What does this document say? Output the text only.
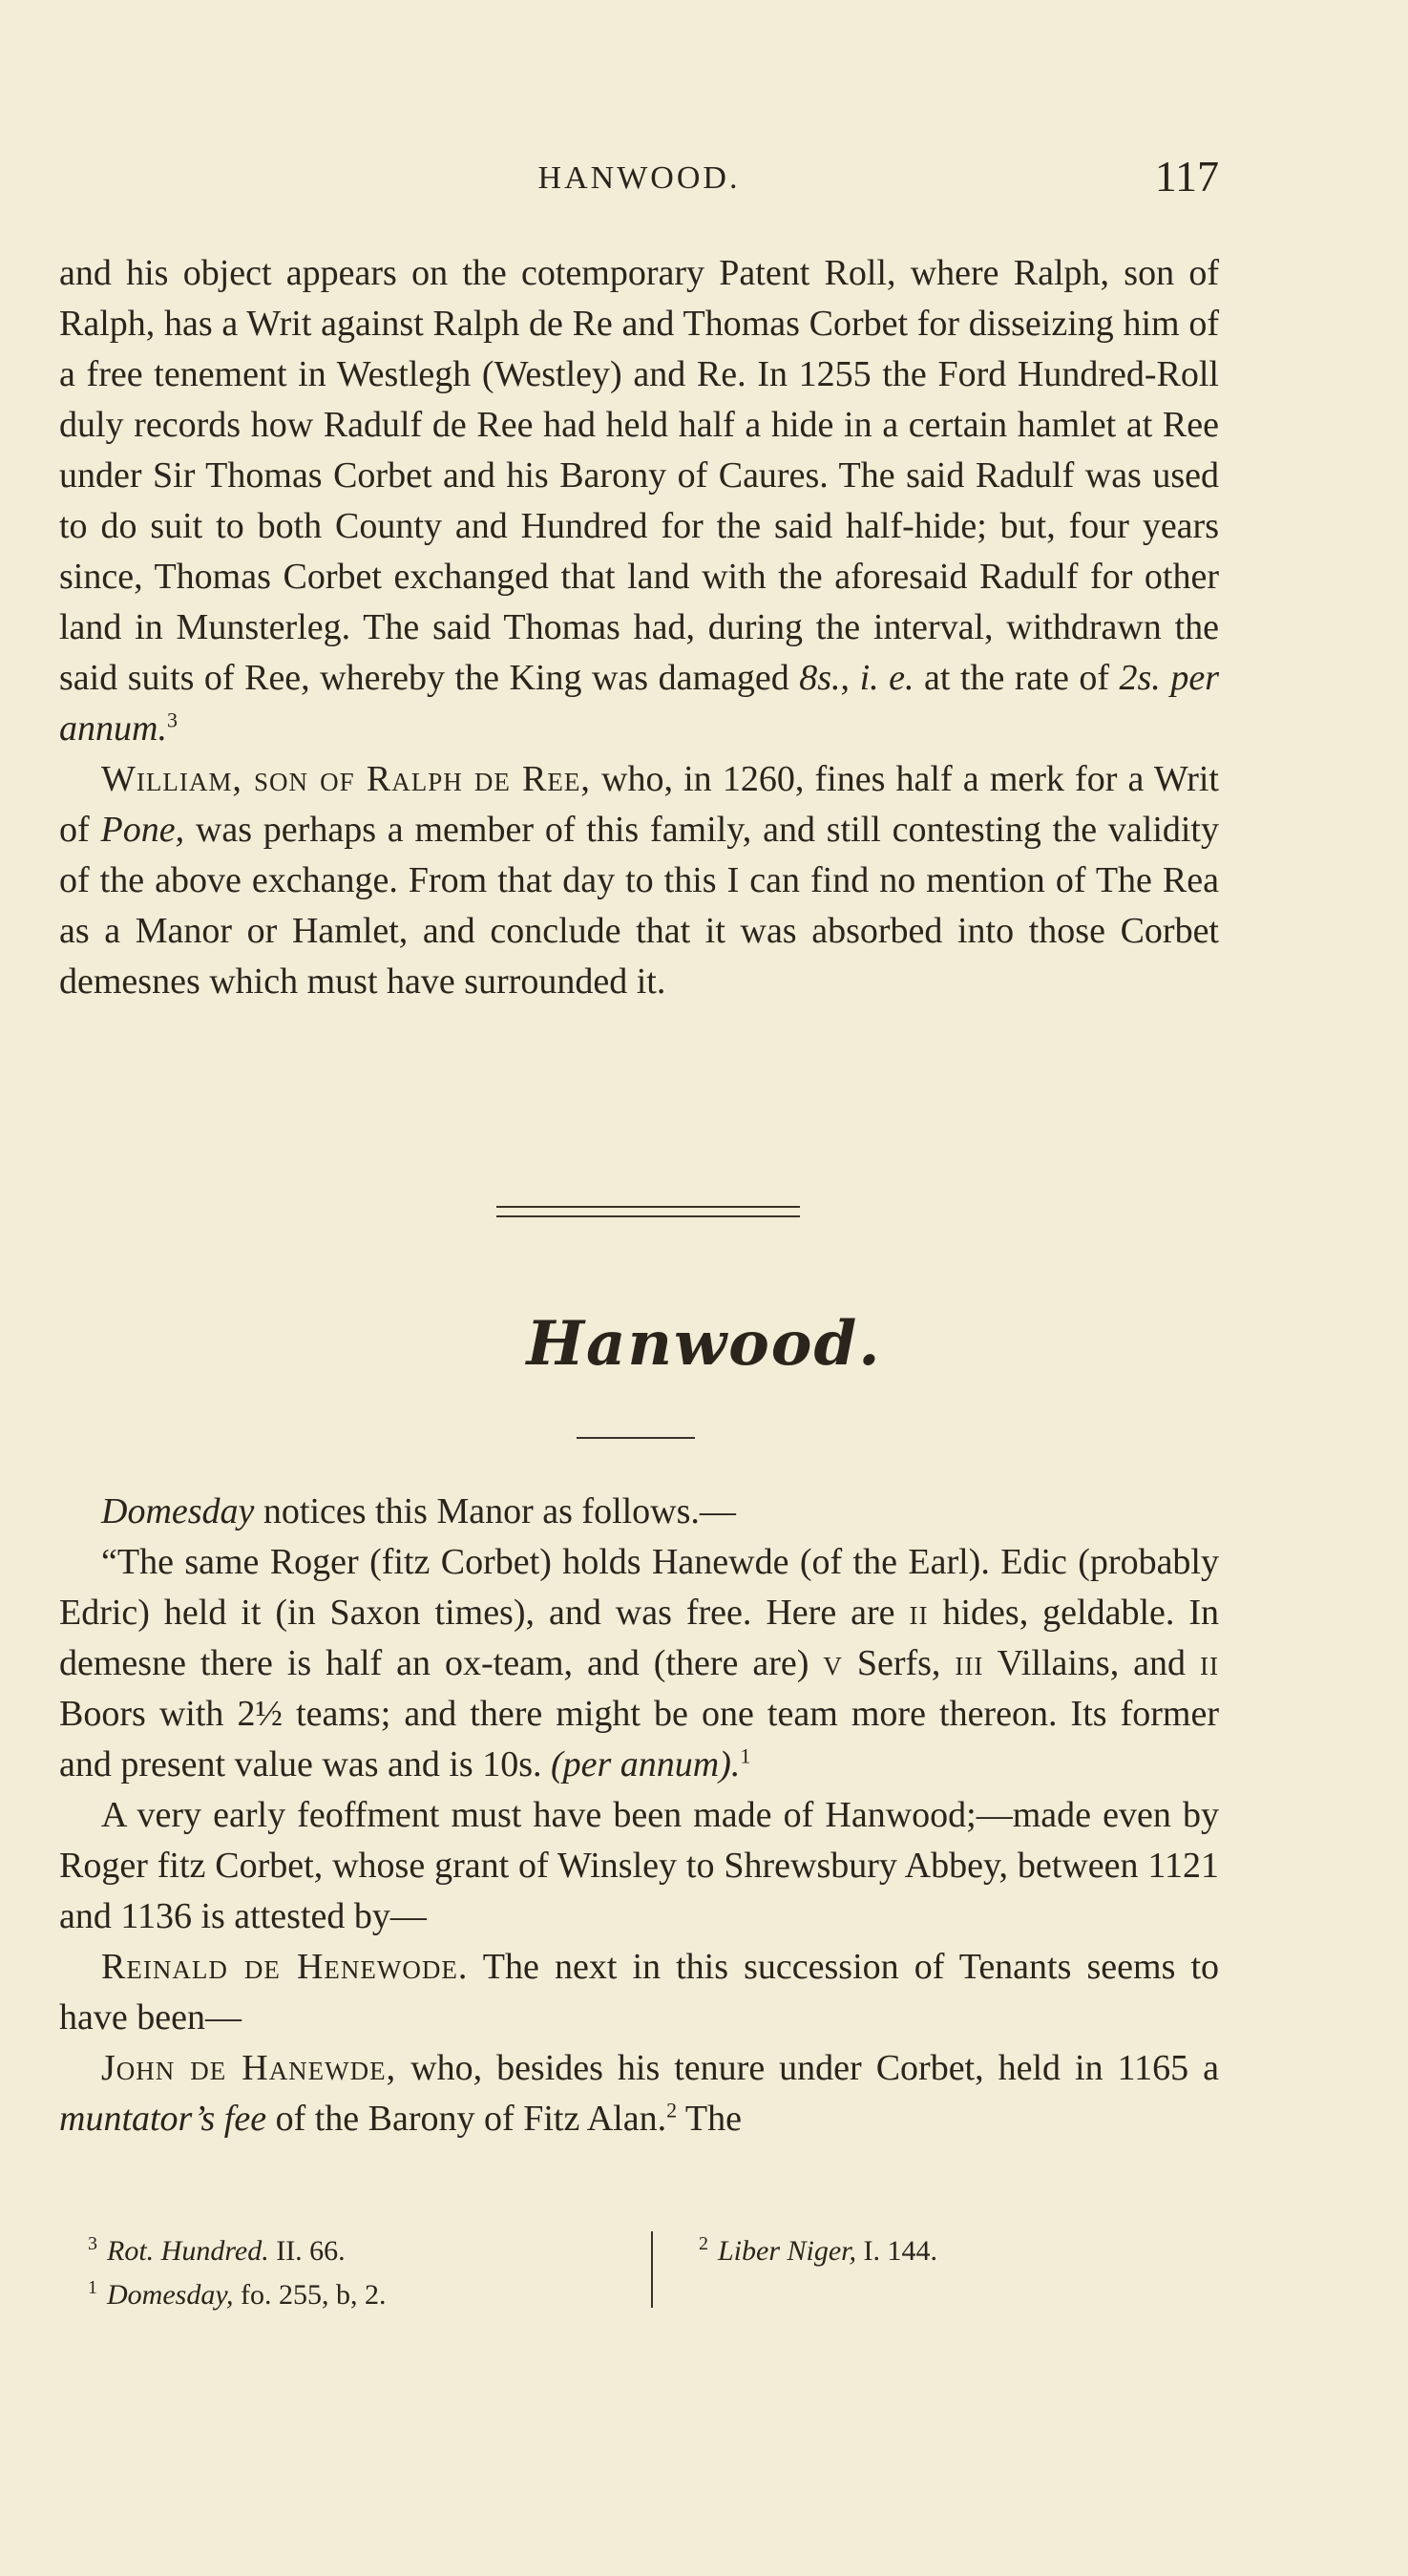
HANWOOD.	117

and his object appears on the cotemporary Patent Roll, where Ralph, son of Ralph, has a Writ against Ralph de Re and Thomas Corbet for disseizing him of a free tenement in Westlegh (Westley) and Re. In 1255 the Ford Hundred-Roll duly records how Radulf de Ree had held half a hide in a certain hamlet at Ree under Sir Thomas Corbet and his Barony of Caures. The said Radulf was used to do suit to both County and Hundred for the said half-hide; but, four years since, Thomas Corbet exchanged that land with the aforesaid Radulf for other land in Munsterleg. The said Thomas had, during the interval, withdrawn the said suits of Ree, whereby the King was damaged 8s., i. e. at the rate of 2s. per annum.$^3$

William, son of Ralph de Ree, who, in 1260, fines half a merk for a Writ of Pone, was perhaps a member of this family, and still contesting the validity of the above exchange. From that day to this I can find no mention of The Rea as a Manor or Hamlet, and conclude that it was absorbed into those Corbet demesnes which must have surrounded it.

Hanwood.

Domesday notices this Manor as follows.—

“The same Roger (fitz Corbet) holds Hanewde (of the Earl). Edic (probably Edric) held it (in Saxon times), and was free. Here are ii hides, geldable. In demesne there is half an ox-team, and (there are) v Serfs, iii Villains, and ii Boors with 2½ teams; and there might be one team more thereon. Its former and present value was and is 10s. (per annum).$^1$

A very early feoffment must have been made of Hanwood;—made even by Roger fitz Corbet, whose grant of Winsley to Shrewsbury Abbey, between 1121 and 1136 is attested by—

Reinald de Henewode. The next in this succession of Tenants seems to have been—

John de Hanewde, who, besides his tenure under Corbet, held in 1165 a muntator’s fee of the Barony of Fitz Alan.$^2$ The

$^3$ Rot. Hundred. II. 66.
$^1$ Domesday, fo. 255, b, 2.
$^2$ Liber Niger, I. 144.
